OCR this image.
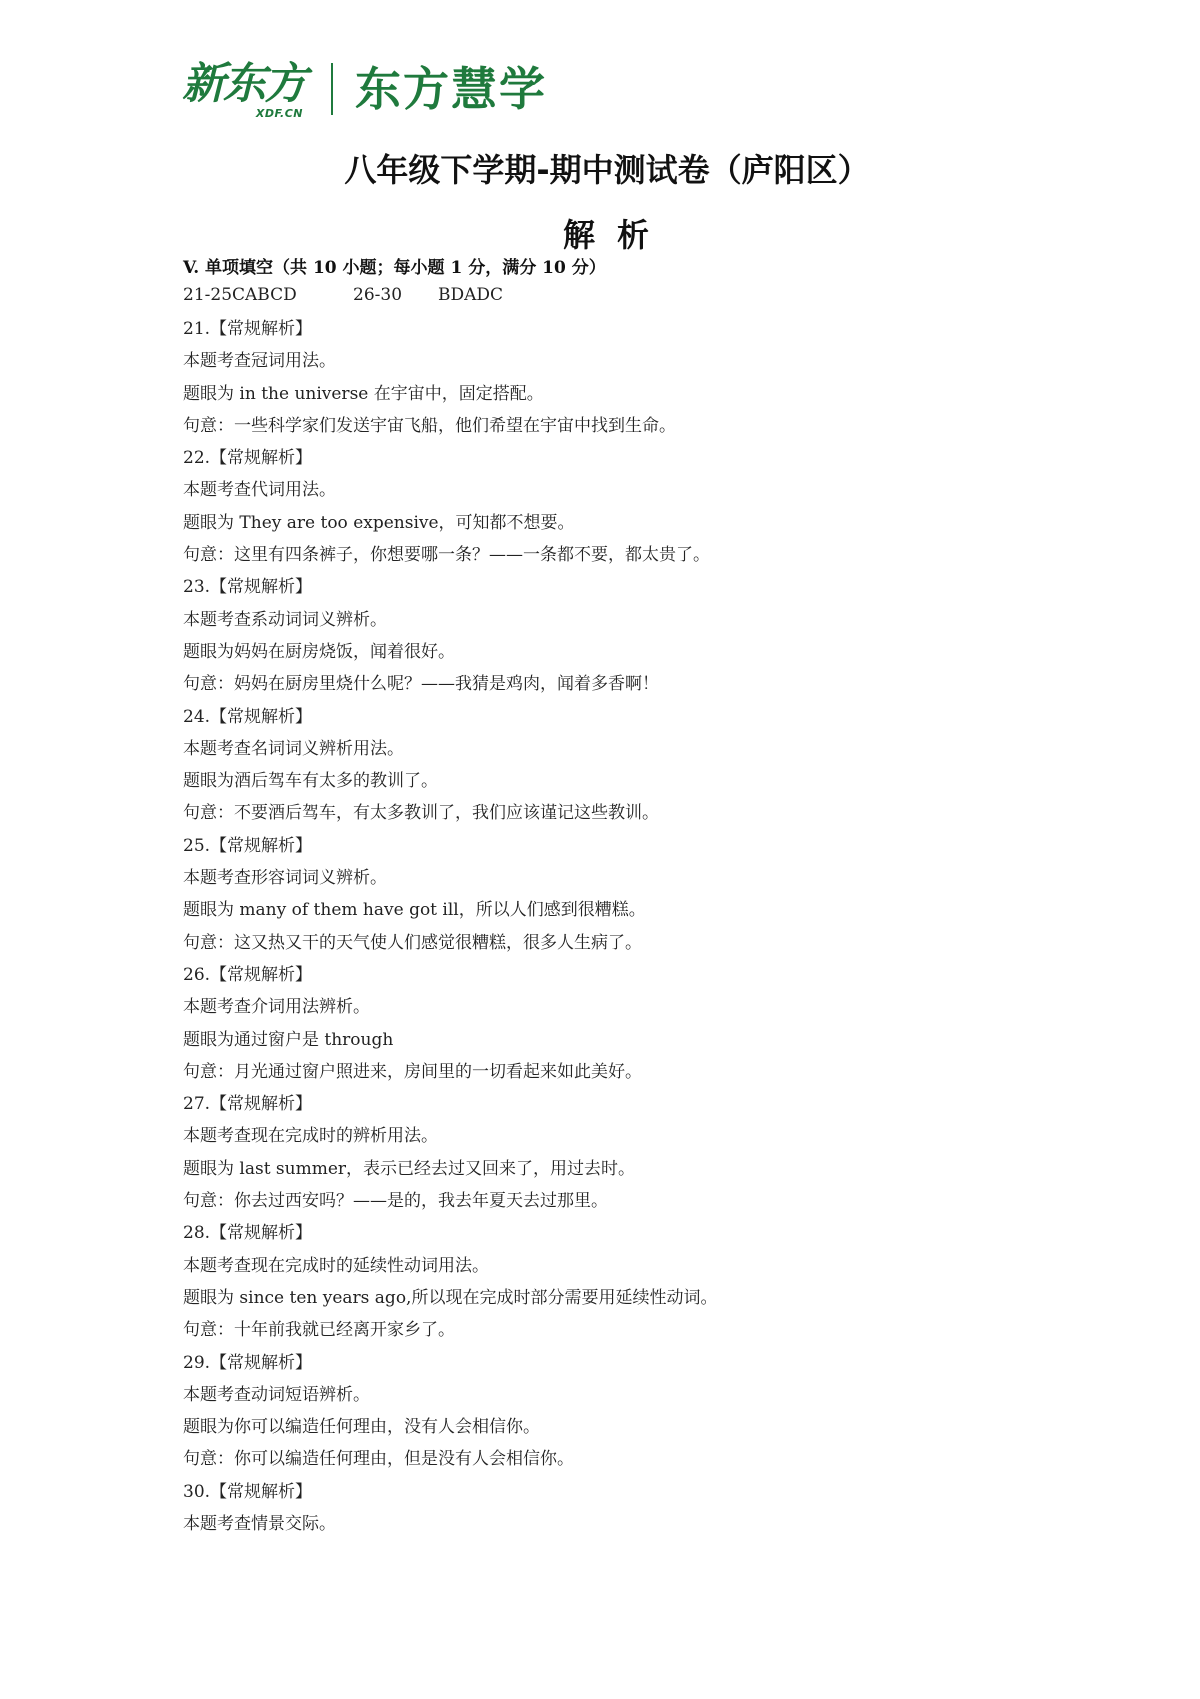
新东方
XDF.CN 东方慧学
八年级下学期-期中测试卷（庐阳区）
解析
V. 单项填空（共 10 小题；每小题 1 分，满分 10 分）
21-25CABCD	26-30	BDADC
21.【常规解析】
本题考查冠词用法。
题眼为 in the universe 在宇宙中，固定搭配。
句意：一些科学家们发送宇宙飞船，他们希望在宇宙中找到生命。
22.【常规解析】
本题考查代词用法。
题眼为 They are too expensive，可知都不想要。
句意：这里有四条裤子，你想要哪一条？——一条都不要，都太贵了。
23.【常规解析】
本题考查系动词词义辨析。
题眼为妈妈在厨房烧饭，闻着很好。
句意：妈妈在厨房里烧什么呢？——我猜是鸡肉，闻着多香啊！
24.【常规解析】
本题考查名词词义辨析用法。
题眼为酒后驾车有太多的教训了。
句意：不要酒后驾车，有太多教训了，我们应该谨记这些教训。
25.【常规解析】
本题考查形容词词义辨析。
题眼为 many of them have got ill，所以人们感到很糟糕。
句意：这又热又干的天气使人们感觉很糟糕，很多人生病了。
26.【常规解析】
本题考查介词用法辨析。
题眼为通过窗户是 through
句意：月光通过窗户照进来，房间里的一切看起来如此美好。
27.【常规解析】
本题考查现在完成时的辨析用法。
题眼为 last summer，表示已经去过又回来了，用过去时。
句意：你去过西安吗？——是的，我去年夏天去过那里。
28.【常规解析】
本题考查现在完成时的延续性动词用法。
题眼为 since ten years ago,所以现在完成时部分需要用延续性动词。
句意：十年前我就已经离开家乡了。
29.【常规解析】
本题考查动词短语辨析。
题眼为你可以编造任何理由，没有人会相信你。
句意：你可以编造任何理由，但是没有人会相信你。
30.【常规解析】
本题考查情景交际。
